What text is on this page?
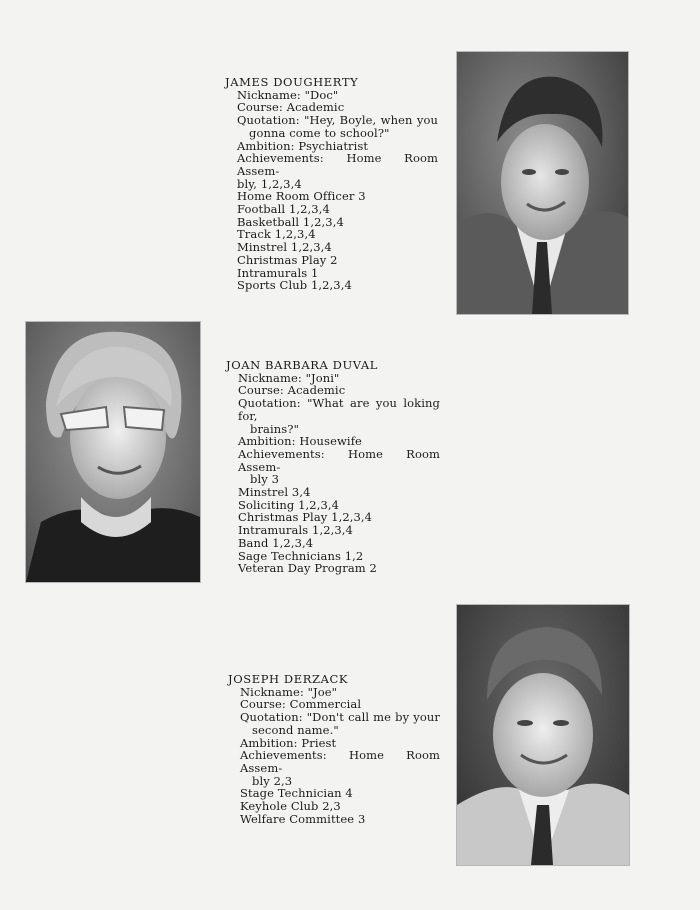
JAMES DOUGHERTY
Nickname: "Doc"
Course: Academic
Quotation: "Hey, Boyle, when you
gonna come to school?"
Ambition: Psychiatrist
Achievements: Home Room Assem-
bly, 1,2,3,4
Home Room Officer 3
Football 1,2,3,4
Basketball 1,2,3,4
Track 1,2,3,4
Minstrel 1,2,3,4
Christmas Play 2
Intramurals 1
Sports Club 1,2,3,4
JOAN BARBARA DUVAL
Nickname: "Joni"
Course: Academic
Quotation: "What are you loking for,
brains?"
Ambition: Housewife
Achievements: Home Room Assem-
bly 3
Minstrel 3,4
Soliciting 1,2,3,4
Christmas Play 1,2,3,4
Intramurals 1,2,3,4
Band 1,2,3,4
Sage Technicians 1,2
Veteran Day Program 2
JOSEPH DERZACK
Nickname: "Joe"
Course: Commercial
Quotation: "Don't call me by your
second name."
Ambition: Priest
Achievements: Home Room Assem-
bly 2,3
Stage Technician 4
Keyhole Club 2,3
Welfare Committee 3
